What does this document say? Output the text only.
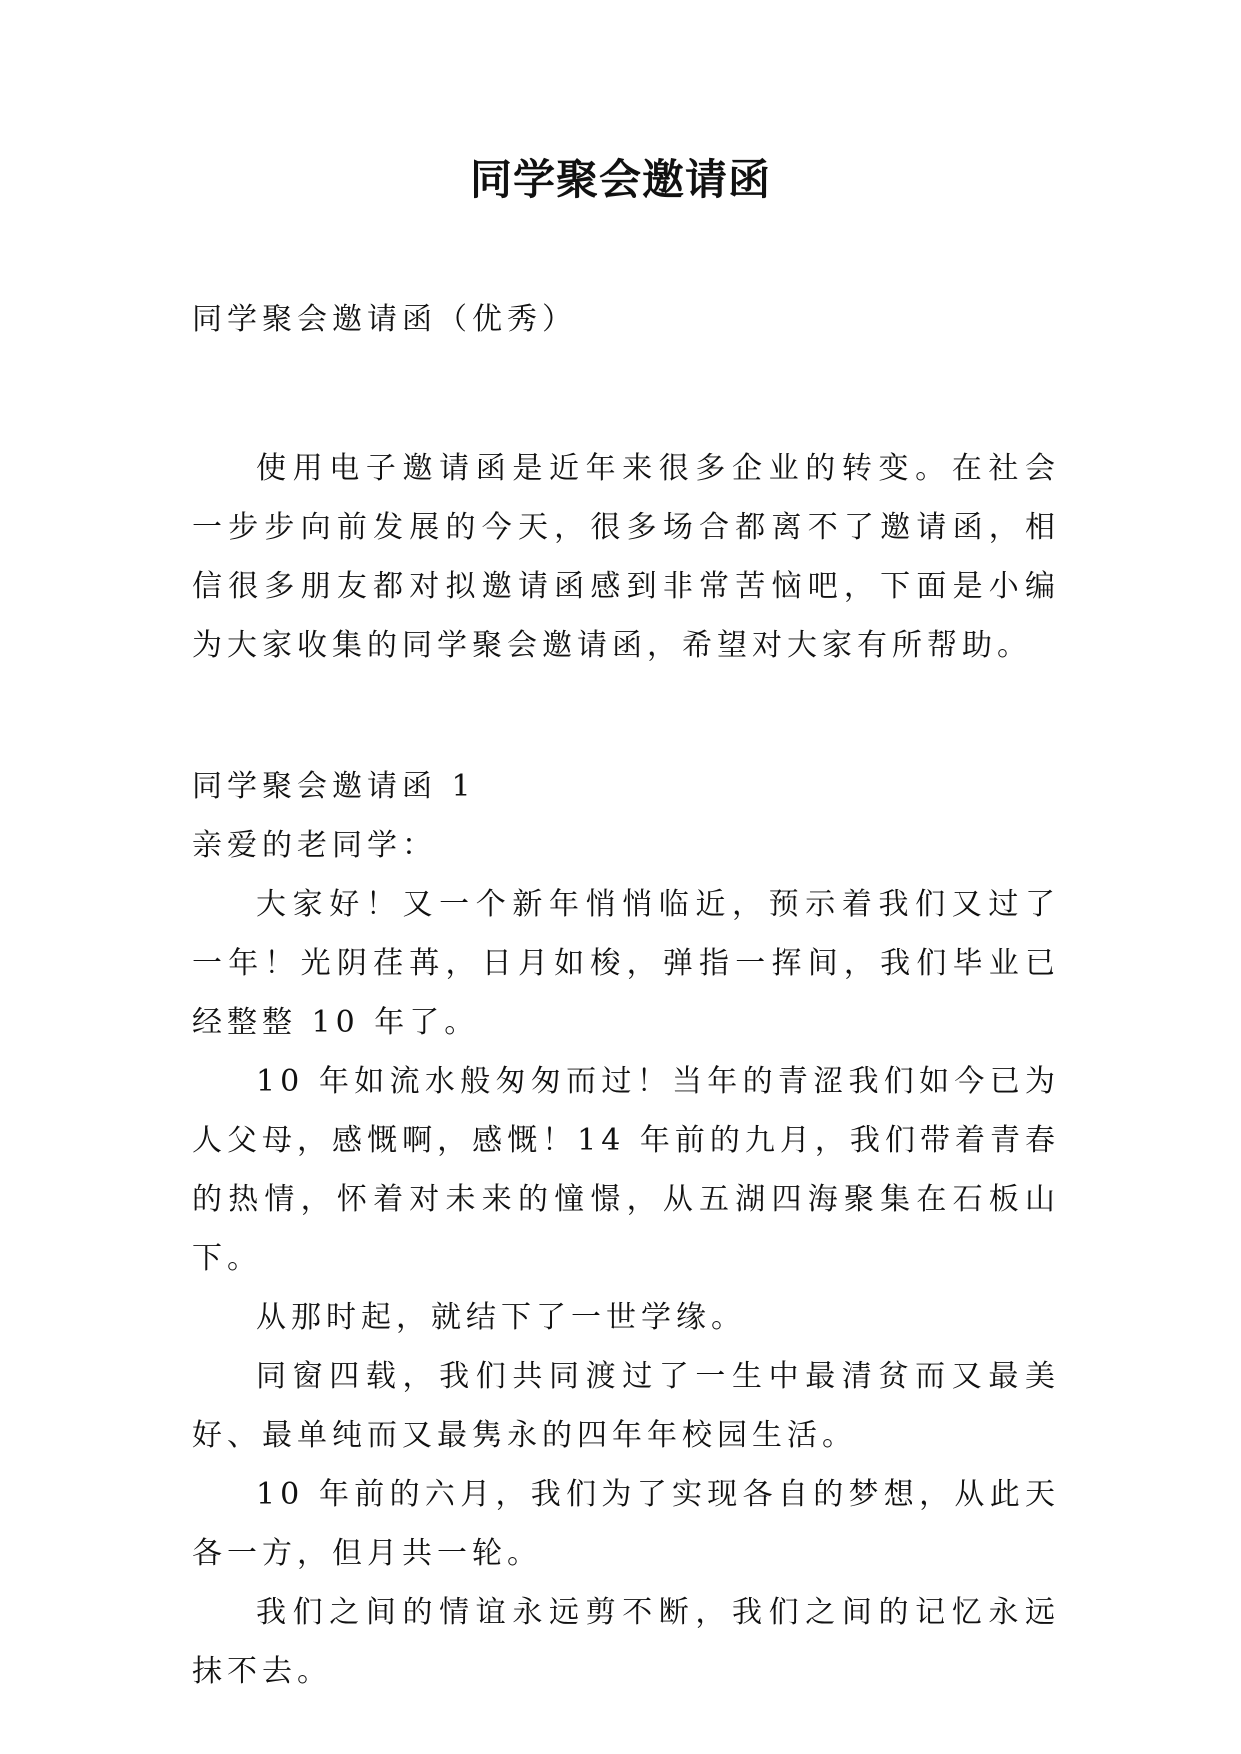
同学聚会邀请函

同学聚会邀请函（优秀）

使用电子邀请函是近年来很多企业的转变。在社会一步步向前发展的今天，很多场合都离不了邀请函，相信很多朋友都对拟邀请函感到非常苦恼吧，下面是小编为大家收集的同学聚会邀请函，希望对大家有所帮助。

同学聚会邀请函 1

亲爱的老同学：

大家好！又一个新年悄悄临近，预示着我们又过了一年！光阴荏苒，日月如梭，弹指一挥间，我们毕业已经整整 10 年了。

10 年如流水般匆匆而过！当年的青涩我们如今已为人父母，感慨啊，感慨！14 年前的九月，我们带着青春的热情，怀着对未来的憧憬，从五湖四海聚集在石板山下。

从那时起，就结下了一世学缘。

同窗四载，我们共同渡过了一生中最清贫而又最美好、最单纯而又最隽永的四年年校园生活。

10 年前的六月，我们为了实现各自的梦想，从此天各一方，但月共一轮。

我们之间的情谊永远剪不断，我们之间的记忆永远抹不去。
